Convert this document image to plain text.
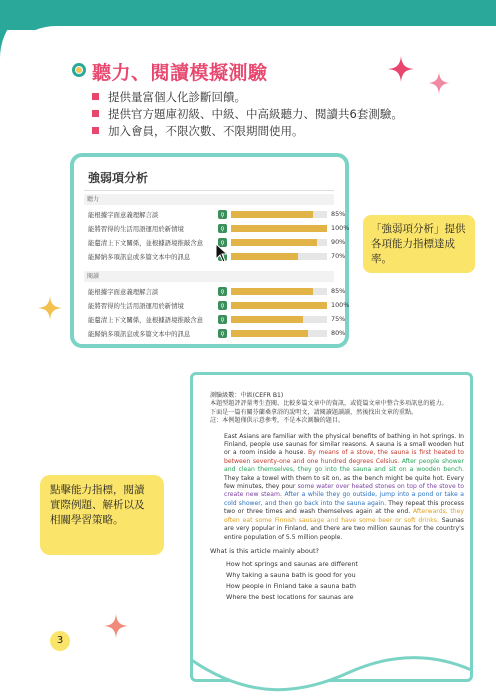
聽力、閱讀模擬測驗
提供量富個人化診斷回饋。
提供官方題庫初級、中級、中高級聽力、閱讀共6套測驗。
加入會員，不限次數、不限期間使用。
強弱項分析
聽力
能根據字面意義理解言談	ϙ	85%
能將習得的生活用語運用於新情境	ϙ	100%
能釐清上下文關係，並根據語境推敲含意	ϙ	90%
能歸納多項訊息或多篇文本中的訊息	70%
閱讀
能根據字面意義理解言談	ϙ	85%
能將習得的生活用語運用於新情境	ϙ	100%
能釐清上下文關係，並根據語境推敲含意	ϙ	75%
能歸納多項訊息或多篇文本中的訊息	ϙ	80%
「強弱項分析」提供各項能力指標達成率。
點擊能力指標，閱讀實際例題、解析以及相關學習策略。
測驗級數：中級(CEFR B1)
本題型題評評量考生查閱、比較多篇文章中的資訊，或從篇文章中整合多項訊息的能力。
下面是一篇有關芬蘭桑拿浴的說明文，請閱讀題讀讀，然後找出文章的重點。
註：本例題僅供示意參考，不是本次測驗的題目。
East Asians are familiar with the physical benefits of bathing in hot springs. In Finland, people use saunas for similar reasons. A sauna is a small wooden hut or a room inside a house. By means of a stove, the sauna is first heated to between seventy-one and one hundred degrees Celsius. After people shower and clean themselves, they go into the sauna and sit on a wooden bench. They take a towel with them to sit on, as the bench might be quite hot. Every few minutes, they pour some water over heated stones on top of the stove to create new steam. After a while they go outside, jump into a pond or take a cold shower, and then go back into the sauna again. They repeat this process two or three times and wash themselves again at the end. Afterwards, they often eat some Finnish sausage and have some beer or soft drinks. Saunas are very popular in Finland, and there are two million saunas for the country's entire population of 5.5 million people.
What is this article mainly about?
How hot springs and saunas are different
Why taking a sauna bath is good for you
How people in Finland take a sauna bath
Where the best locations for saunas are
3
